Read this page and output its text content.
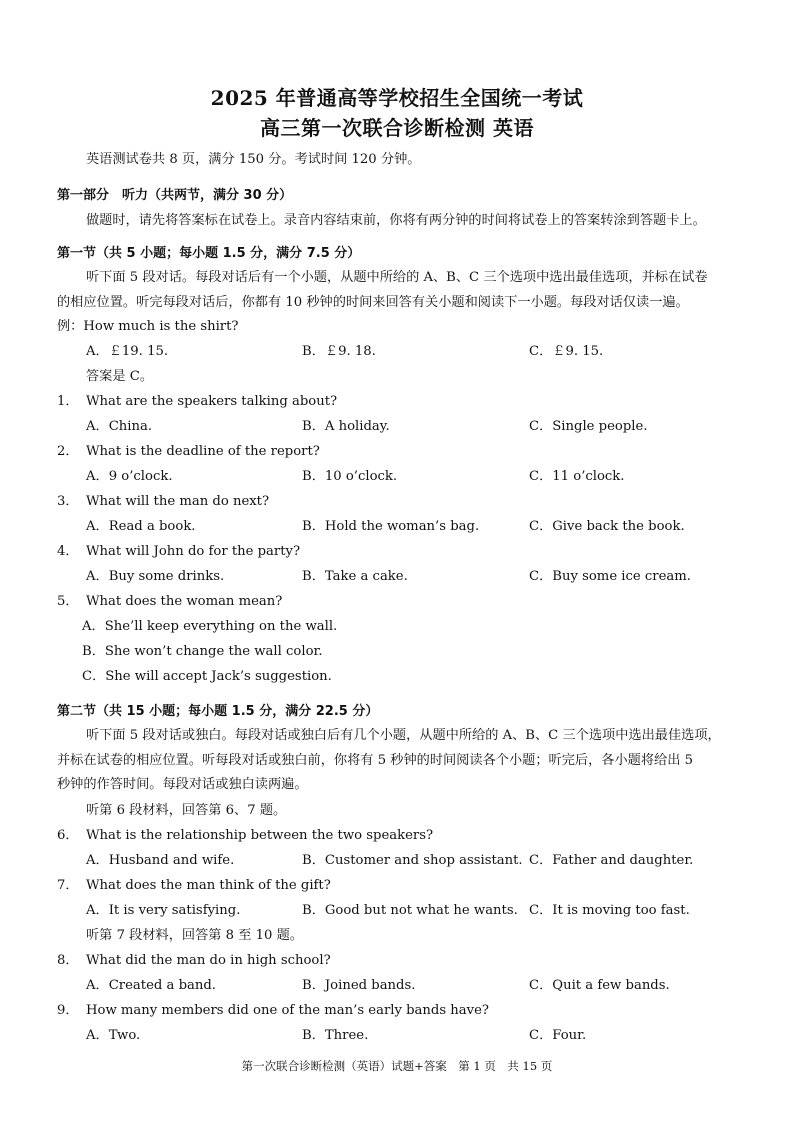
2025 年普通高等学校招生全国统一考试
高三第一次联合诊断检测 英语
英语测试卷共 8 页，满分 150 分。考试时间 120 分钟。
第一部分　听力（共两节，满分 30 分）
做题时，请先将答案标在试卷上。录音内容结束前，你将有两分钟的时间将试卷上的答案转涂到答题卡上。
第一节（共 5 小题；每小题 1.5 分，满分 7.5 分）
听下面 5 段对话。每段对话后有一个小题，从题中所给的 A、B、C 三个选项中选出最佳选项，并标在试卷
的相应位置。听完每段对话后，你都有 10 秒钟的时间来回答有关小题和阅读下一小题。每段对话仅读一遍。
例：How much is the shirt?
A．￡19. 15.	B．￡9. 18.	C．￡9. 15.
答案是 C。
1． What are the speakers talking about?
A．China.	B．A holiday.	C．Single people.
2． What is the deadline of the report?
A．9 o’clock.	B．10 o’clock.	C．11 o’clock.
3． What will the man do next?
A．Read a book.	B．Hold the woman’s bag.	C．Give back the book.
4． What will John do for the party?
A．Buy some drinks.	B．Take a cake.	C．Buy some ice cream.
5． What does the woman mean?
A．She’ll keep everything on the wall.
B．She won’t change the wall color.
C．She will accept Jack’s suggestion.
第二节（共 15 小题；每小题 1.5 分，满分 22.5 分）
听下面 5 段对话或独白。每段对话或独白后有几个小题，从题中所给的 A、B、C 三个选项中选出最佳选项，
并标在试卷的相应位置。听每段对话或独白前，你将有 5 秒钟的时间阅读各个小题；听完后，各小题将给出 5
秒钟的作答时间。每段对话或独白读两遍。
听第 6 段材料，回答第 6、7 题。
6． What is the relationship between the two speakers?
A．Husband and wife.	B．Customer and shop assistant. C．Father and daughter.
7． What does the man think of the gift?
A．It is very satisfying.	B．Good but not what he wants. C．It is moving too fast.
听第 7 段材料，回答第 8 至 10 题。
8． What did the man do in high school?
A．Created a band.	B．Joined bands.	C．Quit a few bands.
9． How many members did one of the man’s early bands have?
A．Two.	B．Three.	C．Four.
第一次联合诊断检测（英语）试题+答案　第 1 页　共 15 页
